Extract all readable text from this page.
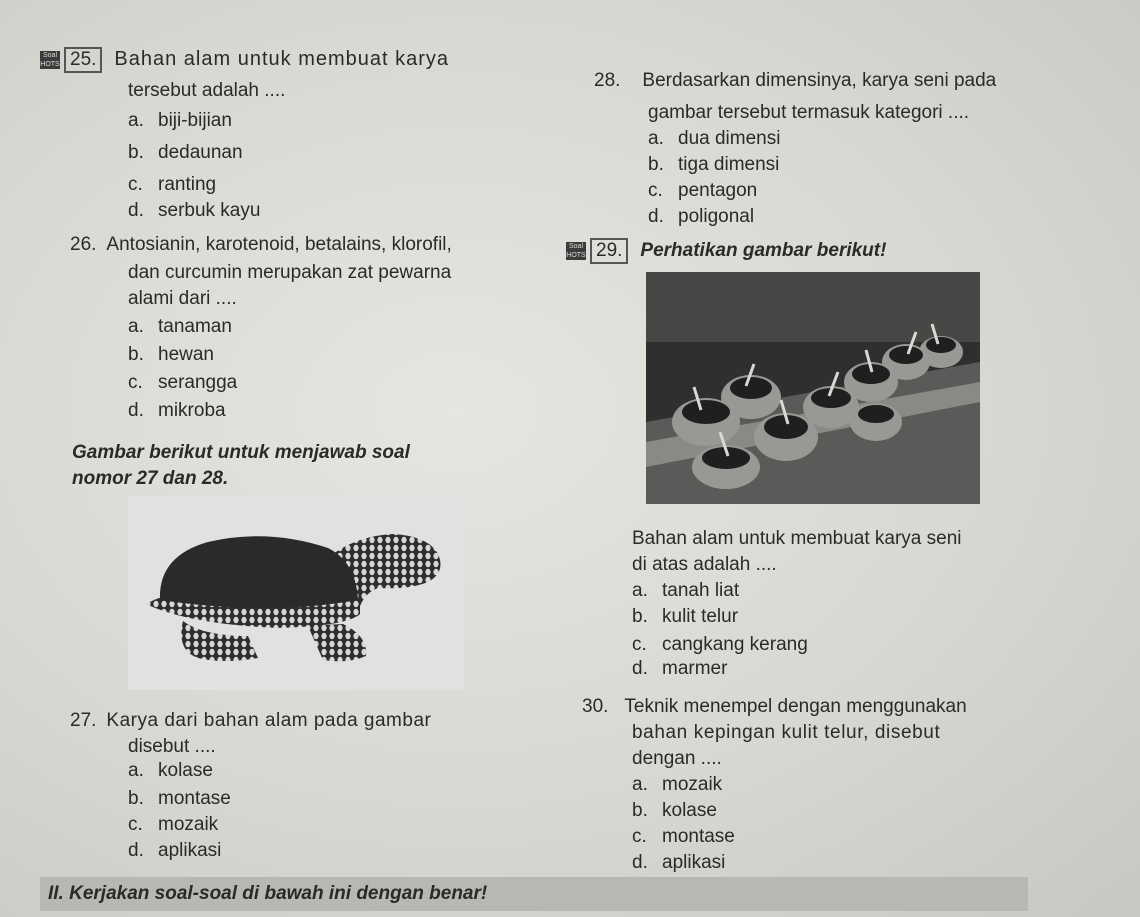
Soal HOTS 25. Bahan alam untuk membuat karya
tersebut adalah ....
a. biji-bijian
b. dedaunan
c. ranting
d. serbuk kayu
26. Antosianin, karotenoid, betalains, klorofil,
dan curcumin merupakan zat pewarna
alami dari ....
a. tanaman
b. hewan
c. serangga
d. mikroba
Gambar berikut untuk menjawab soal
nomor 27 dan 28.
27. Karya dari bahan alam pada gambar
disebut ....
a. kolase
b. montase
c. mozaik
d. aplikasi
28. Berdasarkan dimensinya, karya seni pada
gambar tersebut termasuk kategori ....
a. dua dimensi
b. tiga dimensi
c. pentagon
d. poligonal
Soal HOTS 29. Perhatikan gambar berikut!
Bahan alam untuk membuat karya seni
di atas adalah ....
a. tanah liat
b. kulit telur
c. cangkang kerang
d. marmer
30. Teknik menempel dengan menggunakan
bahan kepingan kulit telur, disebut
dengan ....
a. mozaik
b. kolase
c. montase
d. aplikasi
II. Kerjakan soal-soal di bawah ini dengan benar!
